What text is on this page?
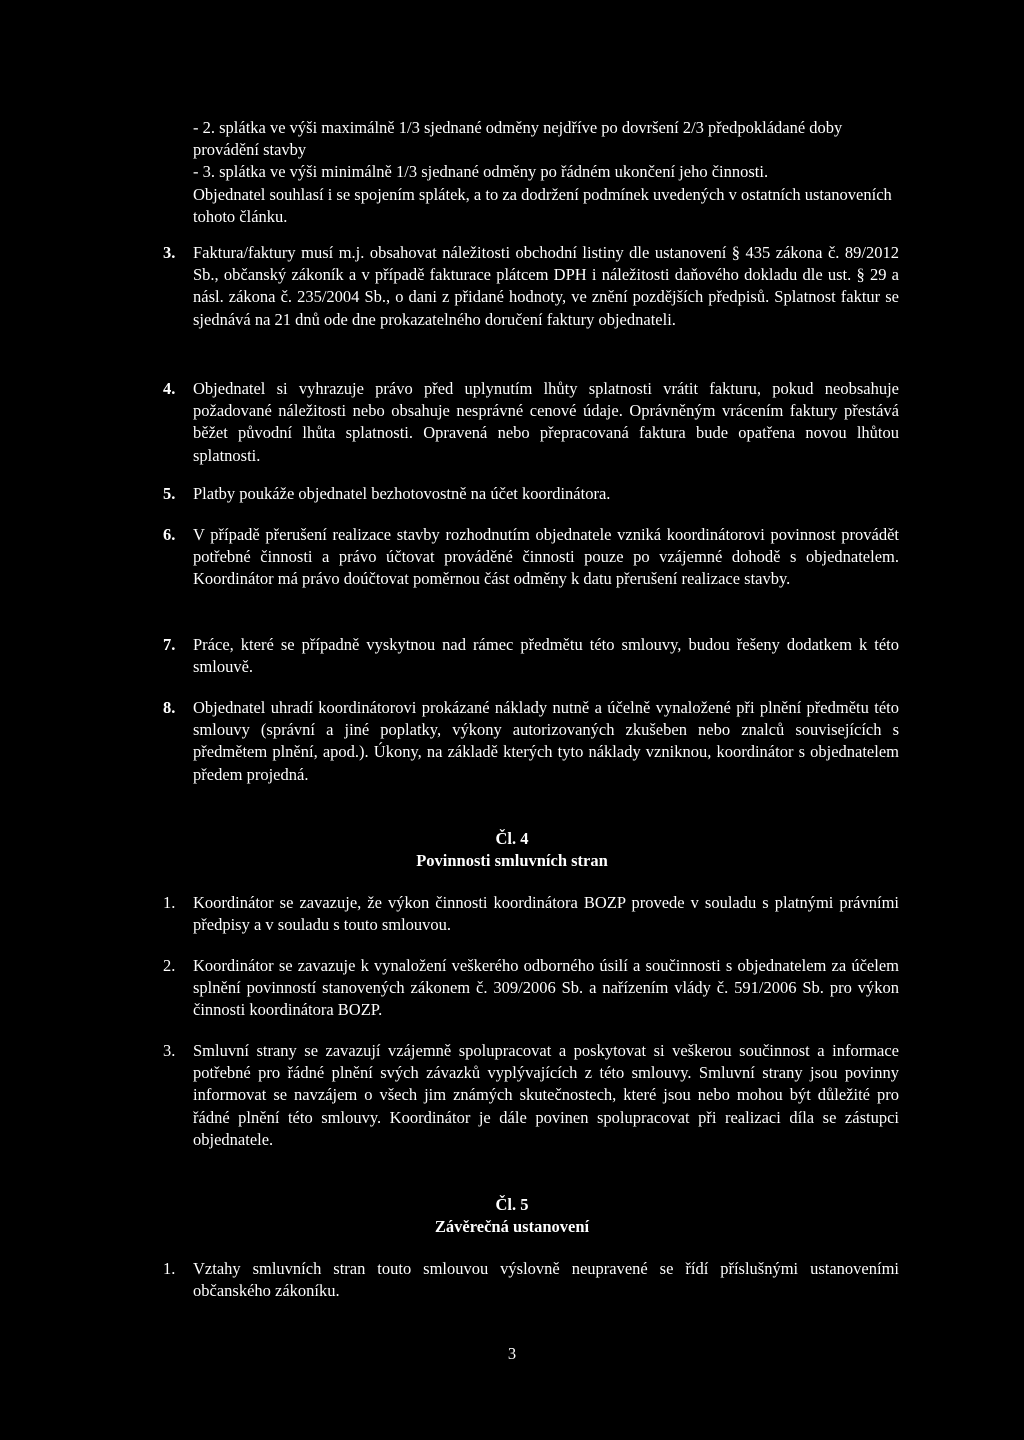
- 2. splátka ve výši maximálně 1/3 sjednané odměny nejdříve po dovršení 2/3 předpokládané doby provádění stavby
- 3. splátka ve výši minimálně 1/3 sjednané odměny po řádném ukončení jeho činnosti.
Objednatel souhlasí i se spojením splátek, a to za dodržení podmínek uvedených v ostatních ustanoveních tohoto článku.
3.	Faktura/faktury musí m.j. obsahovat náležitosti obchodní listiny dle ustanovení § 435 zákona č. 89/2012 Sb., občanský zákoník a v případě fakturace plátcem DPH i náležitosti daňového dokladu dle ust. § 29 a násl. zákona č. 235/2004 Sb., o dani z přidané hodnoty, ve znění pozdějších předpisů. Splatnost faktur se sjednává na 21 dnů ode dne prokazatelného doručení faktury objednateli.
4.	Objednatel si vyhrazuje právo před uplynutím lhůty splatnosti vrátit fakturu, pokud neobsahuje požadované náležitosti nebo obsahuje nesprávné cenové údaje. Oprávněným vrácením faktury přestává běžet původní lhůta splatnosti. Opravená nebo přepracovaná faktura bude opatřena novou lhůtou splatnosti.
5.	Platby poukáže objednatel bezhotovostně na účet koordinátora.
6.	V případě přerušení realizace stavby rozhodnutím objednatele vzniká koordinátorovi povinnost provádět potřebné činnosti a právo účtovat prováděné činnosti pouze po vzájemné dohodě s objednatelem. Koordinátor má právo doúčtovat poměrnou část odměny k datu přerušení realizace stavby.
7.	Práce, které se případně vyskytnou nad rámec předmětu této smlouvy, budou řešeny dodatkem k této smlouvě.
8.	Objednatel uhradí koordinátorovi prokázané náklady nutně a účelně vynaložené při plnění předmětu této smlouvy (správní a jiné poplatky, výkony autorizovaných zkušeben nebo znalců souvisejících s předmětem plnění, apod.). Úkony, na základě kterých tyto náklady vzniknou, koordinátor s objednatelem předem projedná.
Čl. 4
Povinnosti smluvních stran
1.	Koordinátor se zavazuje, že výkon činnosti koordinátora BOZP provede v souladu s platnými právními předpisy a v souladu s touto smlouvou.
2.	Koordinátor se zavazuje k vynaložení veškerého odborného úsilí a součinnosti s objednatelem za účelem splnění povinností stanovených zákonem č. 309/2006 Sb. a nařízením vlády č. 591/2006 Sb. pro výkon činnosti koordinátora BOZP.
3.	Smluvní strany se zavazují vzájemně spolupracovat a poskytovat si veškerou součinnost a informace potřebné pro řádné plnění svých závazků vyplývajících z této smlouvy. Smluvní strany jsou povinny informovat se navzájem o všech jim známých skutečnostech, které jsou nebo mohou být důležité pro řádné plnění této smlouvy. Koordinátor je dále povinen spolupracovat při realizaci díla se zástupci objednatele.
Čl. 5
Závěrečná ustanovení
1.	Vztahy smluvních stran touto smlouvou výslovně neupravené se řídí příslušnými ustanoveními občanského zákoníku.
3
